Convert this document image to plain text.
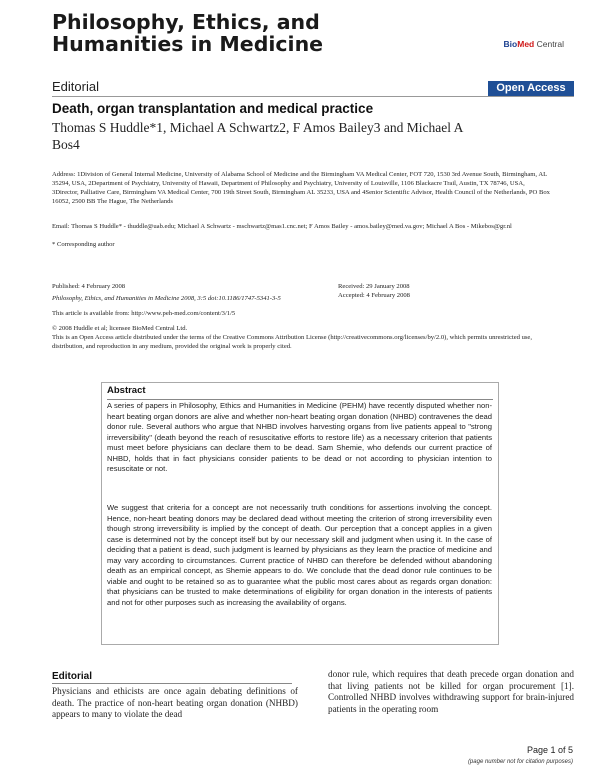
Philosophy, Ethics, and Humanities in Medicine	BioMed Central
Editorial	Open Access
Death, organ transplantation and medical practice
Thomas S Huddle*1, Michael A Schwartz2, F Amos Bailey3 and Michael A Bos4
Address: 1Division of General Internal Medicine, University of Alabama School of Medicine and the Birmingham VA Medical Center, FOT 720, 1530 3rd Avenue South, Birmingham, AL 35294, USA, 2Department of Psychiatry, University of Hawaii, Department of Philosophy and Psychiatry, University of Louisville, 1106 Blackacre Trail, Austin, TX 78746, USA, 3Director, Palliative Care, Birmingham VA Medical Center, 700 19th Street South, Birmingham AL 35233, USA and 4Senior Scientific Advisor, Health Council of the Netherlands, PO Box 16052, 2500 BB The Hague, The Netherlands
Email: Thomas S Huddle* - thuddle@uab.edu; Michael A Schwartz - mschwartz@mas1.cnc.net; F Amos Bailey - amos.bailey@med.va.gov; Michael A Bos - Mikebos@gr.nl
* Corresponding author
Published: 4 February 2008
Philosophy, Ethics, and Humanities in Medicine 2008, 3:5 doi:10.1186/1747-5341-3-5
Received: 29 January 2008
Accepted: 4 February 2008
This article is available from: http://www.peh-med.com/content/3/1/5
© 2008 Huddle et al; licensee BioMed Central Ltd.
This is an Open Access article distributed under the terms of the Creative Commons Attribution License (http://creativecommons.org/licenses/by/2.0), which permits unrestricted use, distribution, and reproduction in any medium, provided the original work is properly cited.
Abstract
A series of papers in Philosophy, Ethics and Humanities in Medicine (PEHM) have recently disputed whether non-heart beating organ donors are alive and whether non-heart beating organ donation (NHBD) contravenes the dead donor rule. Several authors who argue that NHBD involves harvesting organs from live patients appeal to "strong irreversibility" (death beyond the reach of resuscitative efforts to restore life) as a necessary criterion that patients must meet before physicians can declare them to be dead. Sam Shemie, who defends our current practice of NHBD, holds that in fact physicians consider patients to be dead or not according to physician intention to resuscitate or not.
We suggest that criteria for a concept are not necessarily truth conditions for assertions involving the concept. Hence, non-heart beating donors may be declared dead without meeting the criterion of strong irreversibility even though strong irreversibility is implied by the concept of death. Our perception that a concept applies in a given case is determined not by the concept itself but by our necessary skill and judgment when using it. In the case of deciding that a patient is dead, such judgment is learned by physicians as they learn the practice of medicine and may vary according to circumstances. Current practice of NHBD can therefore be defended without abandoning death as an empirical concept, as Shemie appears to do. We conclude that the dead donor rule continues to be viable and ought to be retained so as to guarantee what the public most cares about as regards organ donation: that physicians can be trusted to make determinations of eligibility for organ donation in the interests of patients and not for other purposes such as increasing the availability of organs.
Editorial
Physicians and ethicists are once again debating definitions of death. The practice of non-heart beating organ donation (NHBD) appears to many to violate the dead
donor rule, which requires that death precede organ donation and that living patients not be killed for organ procurement [1]. Controlled NHBD involves withdrawing support for brain-injured patients in the operating room
Page 1 of 5
(page number not for citation purposes)
